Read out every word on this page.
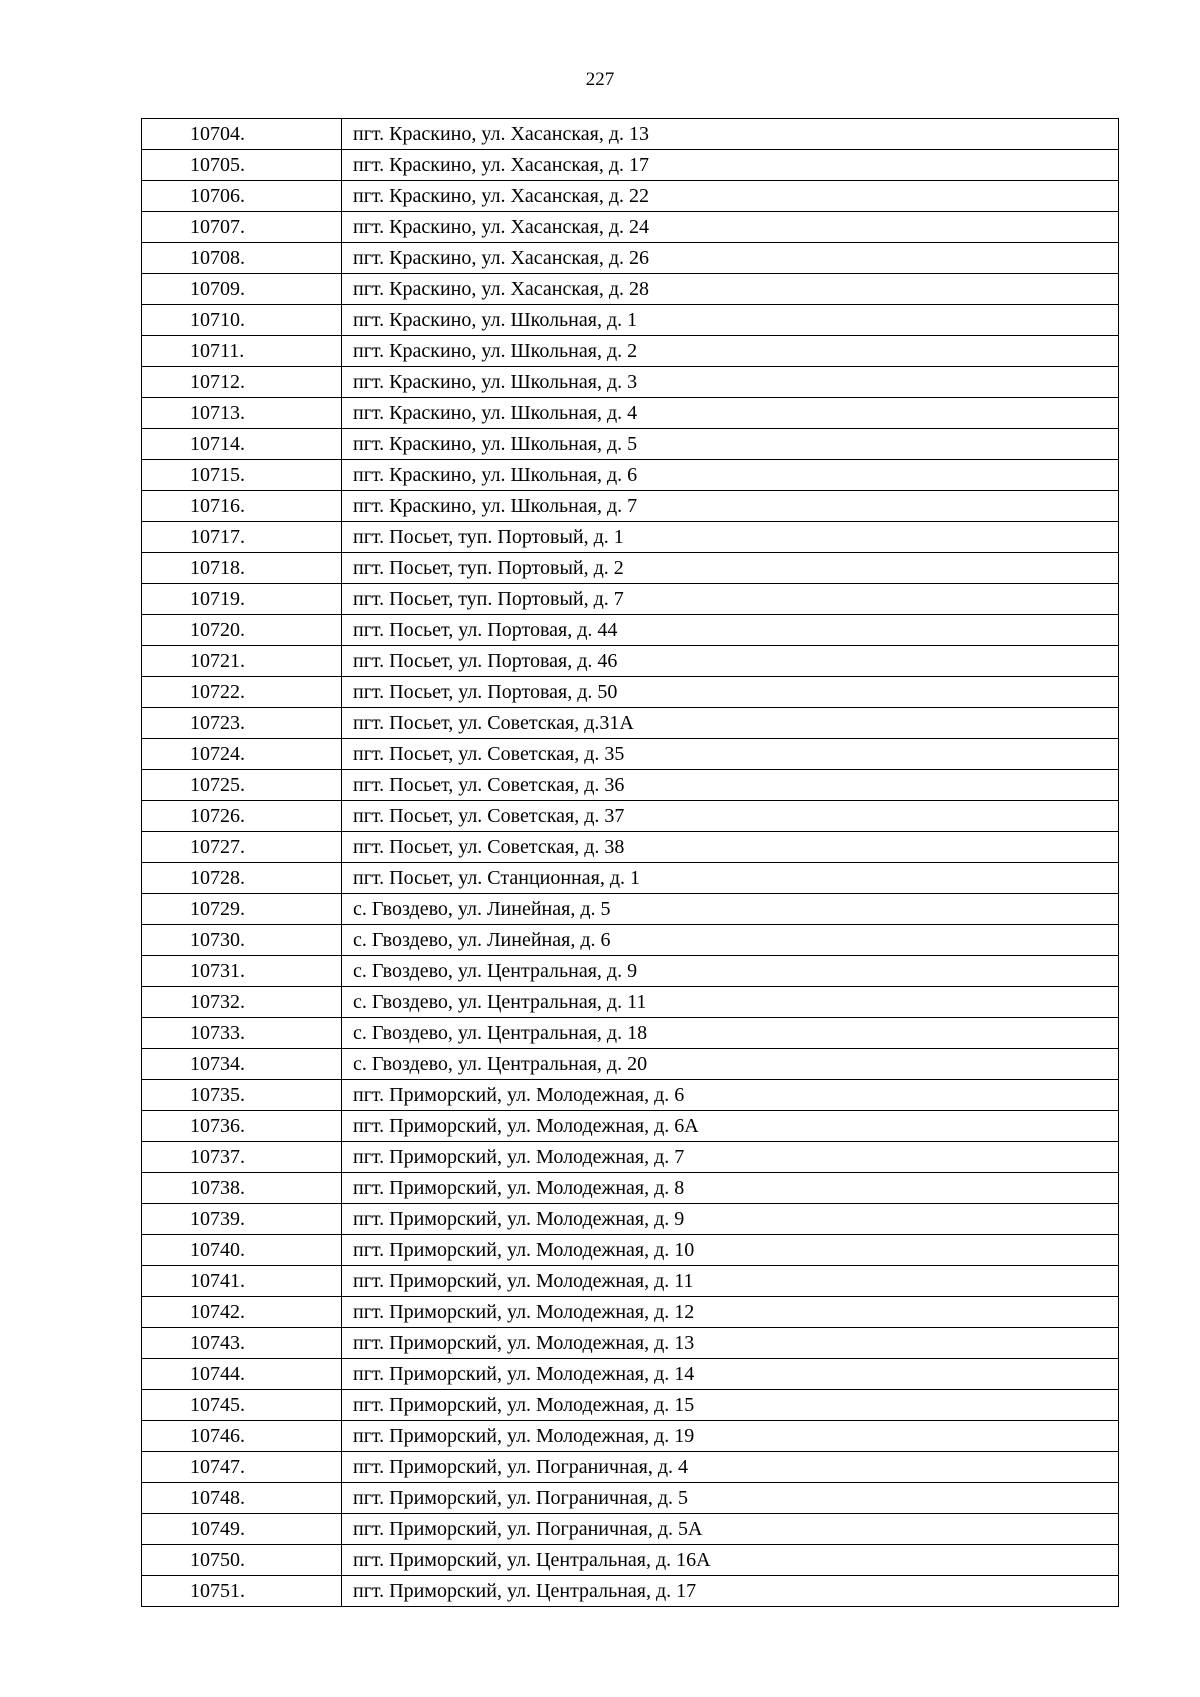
227
10704.	пгт. Краскино, ул. Хасанская, д. 13
10705.	пгт. Краскино, ул. Хасанская, д. 17
10706.	пгт. Краскино, ул. Хасанская, д. 22
10707.	пгт. Краскино, ул. Хасанская, д. 24
10708.	пгт. Краскино, ул. Хасанская, д. 26
10709.	пгт. Краскино, ул. Хасанская, д. 28
10710.	пгт. Краскино, ул. Школьная, д. 1
10711.	пгт. Краскино, ул. Школьная, д. 2
10712.	пгт. Краскино, ул. Школьная, д. 3
10713.	пгт. Краскино, ул. Школьная, д. 4
10714.	пгт. Краскино, ул. Школьная, д. 5
10715.	пгт. Краскино, ул. Школьная, д. 6
10716.	пгт. Краскино, ул. Школьная, д. 7
10717.	пгт. Посьет, туп. Портовый, д. 1
10718.	пгт. Посьет, туп. Портовый, д. 2
10719.	пгт. Посьет, туп. Портовый, д. 7
10720.	пгт. Посьет, ул. Портовая, д. 44
10721.	пгт. Посьет, ул. Портовая, д. 46
10722.	пгт. Посьет, ул. Портовая, д. 50
10723.	пгт. Посьет, ул. Советская, д.31А
10724.	пгт. Посьет, ул. Советская, д. 35
10725.	пгт. Посьет, ул. Советская, д. 36
10726.	пгт. Посьет, ул. Советская, д. 37
10727.	пгт. Посьет, ул. Советская, д. 38
10728.	пгт. Посьет, ул. Станционная, д. 1
10729.	с. Гвоздево, ул. Линейная, д. 5
10730.	с. Гвоздево, ул. Линейная, д. 6
10731.	с. Гвоздево, ул. Центральная, д. 9
10732.	с. Гвоздево, ул. Центральная, д. 11
10733.	с. Гвоздево, ул. Центральная, д. 18
10734.	с. Гвоздево, ул. Центральная, д. 20
10735.	пгт. Приморский, ул. Молодежная, д. 6
10736.	пгт. Приморский, ул. Молодежная, д. 6А
10737.	пгт. Приморский, ул. Молодежная, д. 7
10738.	пгт. Приморский, ул. Молодежная, д. 8
10739.	пгт. Приморский, ул. Молодежная, д. 9
10740.	пгт. Приморский, ул. Молодежная, д. 10
10741.	пгт. Приморский, ул. Молодежная, д. 11
10742.	пгт. Приморский, ул. Молодежная, д. 12
10743.	пгт. Приморский, ул. Молодежная, д. 13
10744.	пгт. Приморский, ул. Молодежная, д. 14
10745.	пгт. Приморский, ул. Молодежная, д. 15
10746.	пгт. Приморский, ул. Молодежная, д. 19
10747.	пгт. Приморский, ул. Пограничная, д. 4
10748.	пгт. Приморский, ул. Пограничная, д. 5
10749.	пгт. Приморский, ул. Пограничная, д. 5А
10750.	пгт. Приморский, ул. Центральная, д. 16А
10751.	пгт. Приморский, ул. Центральная, д. 17
